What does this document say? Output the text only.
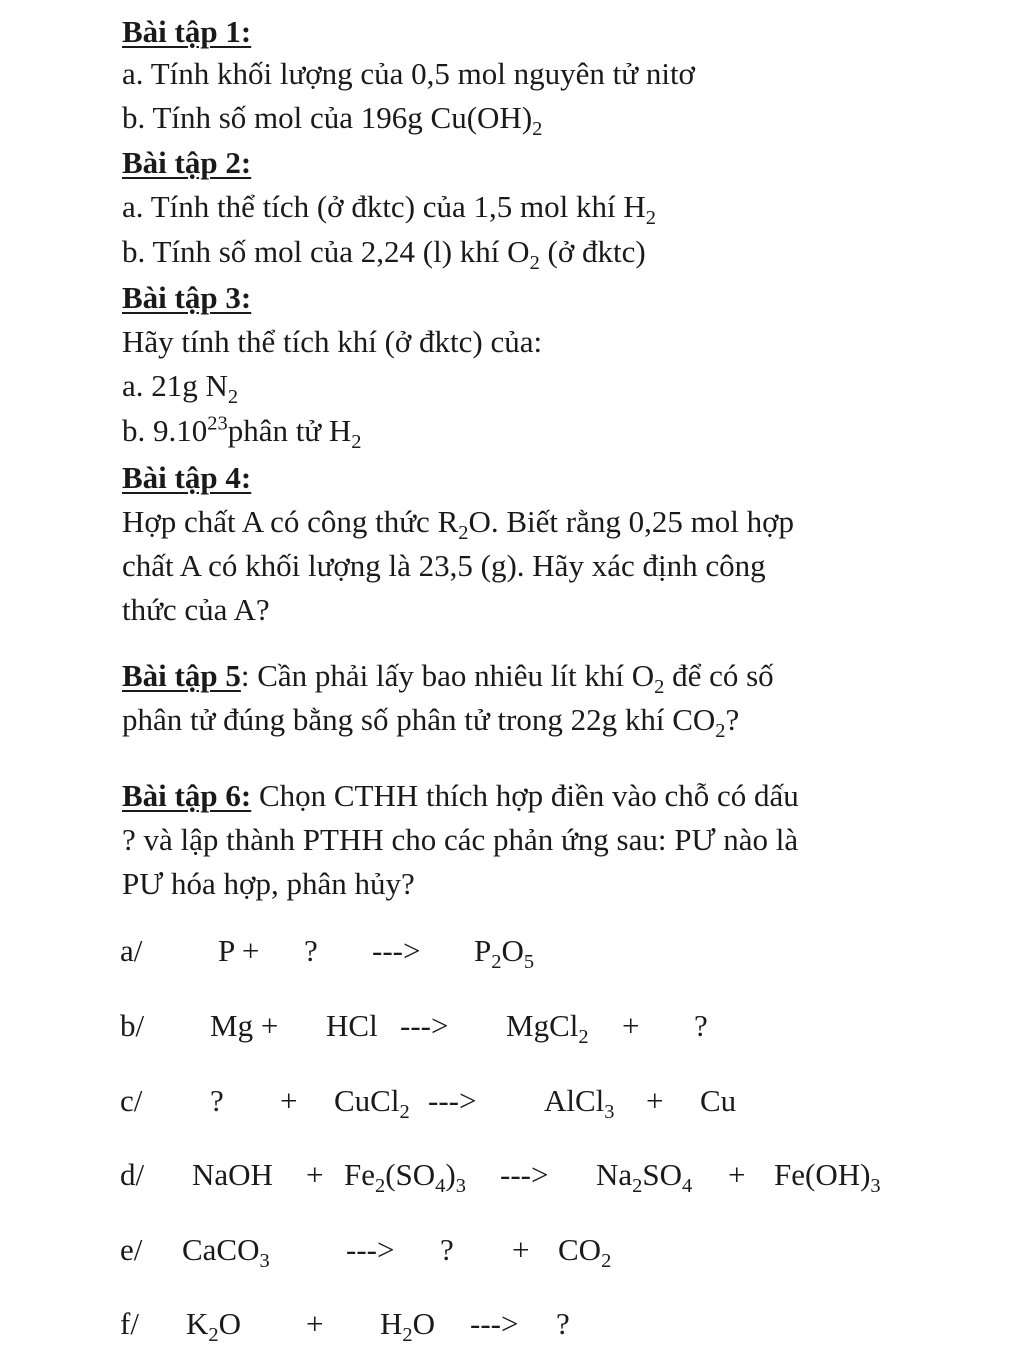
Bài tập 1:
a. Tính khối lượng của 0,5 mol nguyên tử nitơ
b. Tính số mol của 196g $Cu(OH)_2$
Bài tập 2:
a. Tính thể tích (ở đktc) của 1,5 mol khí $H_2$
b. Tính số mol của 2,24 (l) khí $O_2$ (ở đktc)
Bài tập 3:
Hãy tính thể tích khí (ở đktc) của:
a. 21g $N_2$
b. 9.10$^{23}$phân tử $H_2$
Bài tập 4:
Hợp chất A có công thức $R_2O$. Biết rằng 0,25 mol hợp
chất A có khối lượng là 23,5 (g). Hãy xác định công
thức của A?
Bài tập 5: Cần phải lấy bao nhiêu lít khí $O_2$ để có số
phân tử đúng bằng số phân tử trong 22g khí $CO_2$?
Bài tập 6: Chọn CTHH thích hợp điền vào chỗ có dấu
? và lập thành PTHH cho các phản ứng sau: PƯ nào là
PƯ hóa hợp, phân hủy?
a/ P + ? ---> $P_2O_5$
b/ Mg + HCl ---> MgCl$_2$ + ?
c/ ? + CuCl$_2$ ---> AlCl$_3$ + Cu
d/ NaOH + $Fe_2(SO_4)_3$ ---> $Na_2SO_4 + Fe(OH)_3$
e/ CaCO$_3$ ---> ? + $CO_2$
f/ $K_2O + H_2O$ ---> ?
